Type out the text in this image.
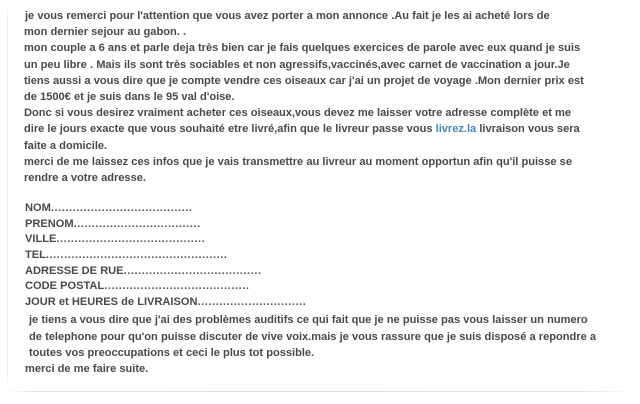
je vous remerci pour l'attention que vous avez porter a mon annonce .Au fait je les ai acheté lors de

mon dernier sejour au gabon. .

mon couple a 6 ans et parle deja très bien car je fais quelques exercices de parole avec eux quand je suis

un peu libre . Mais ils sont très sociables et non agressifs,vaccinés,avec carnet de vaccination a jour.Je

tiens aussi a vous dire que je compte vendre ces oiseaux car j'ai un projet de voyage .Mon dernier prix est

de 1500€ et je suis dans le 95 val d'oise.

Donc si vous desirez vraiment acheter ces oiseaux,vous devez me laisser votre adresse complète et me

dire le jours exacte que vous souhaité etre livré,afin que le livreur passe vous livrez.la livraison vous sera

faite a domicile.

merci de me laissez ces infos que je vais transmettre au livreur au moment opportun afin qu'il puisse se

rendre a votre adresse.

NOM.......................................

PRENOM...................................

VILLE.........................................

TEL..................................................

ADRESSE DE RUE......................................

CODE POSTAL........................................

JOUR et HEURES de LIVRAISON..............................

je tiens a vous dire que j'ai des problèmes auditifs ce qui fait que je ne puisse pas vous laisser un numero

de telephone pour qu'on puisse discuter de vive voix.mais je vous rassure que je suis disposé a repondre a

toutes vos preoccupations et ceci le plus tot possible.

merci de me faire suite.
